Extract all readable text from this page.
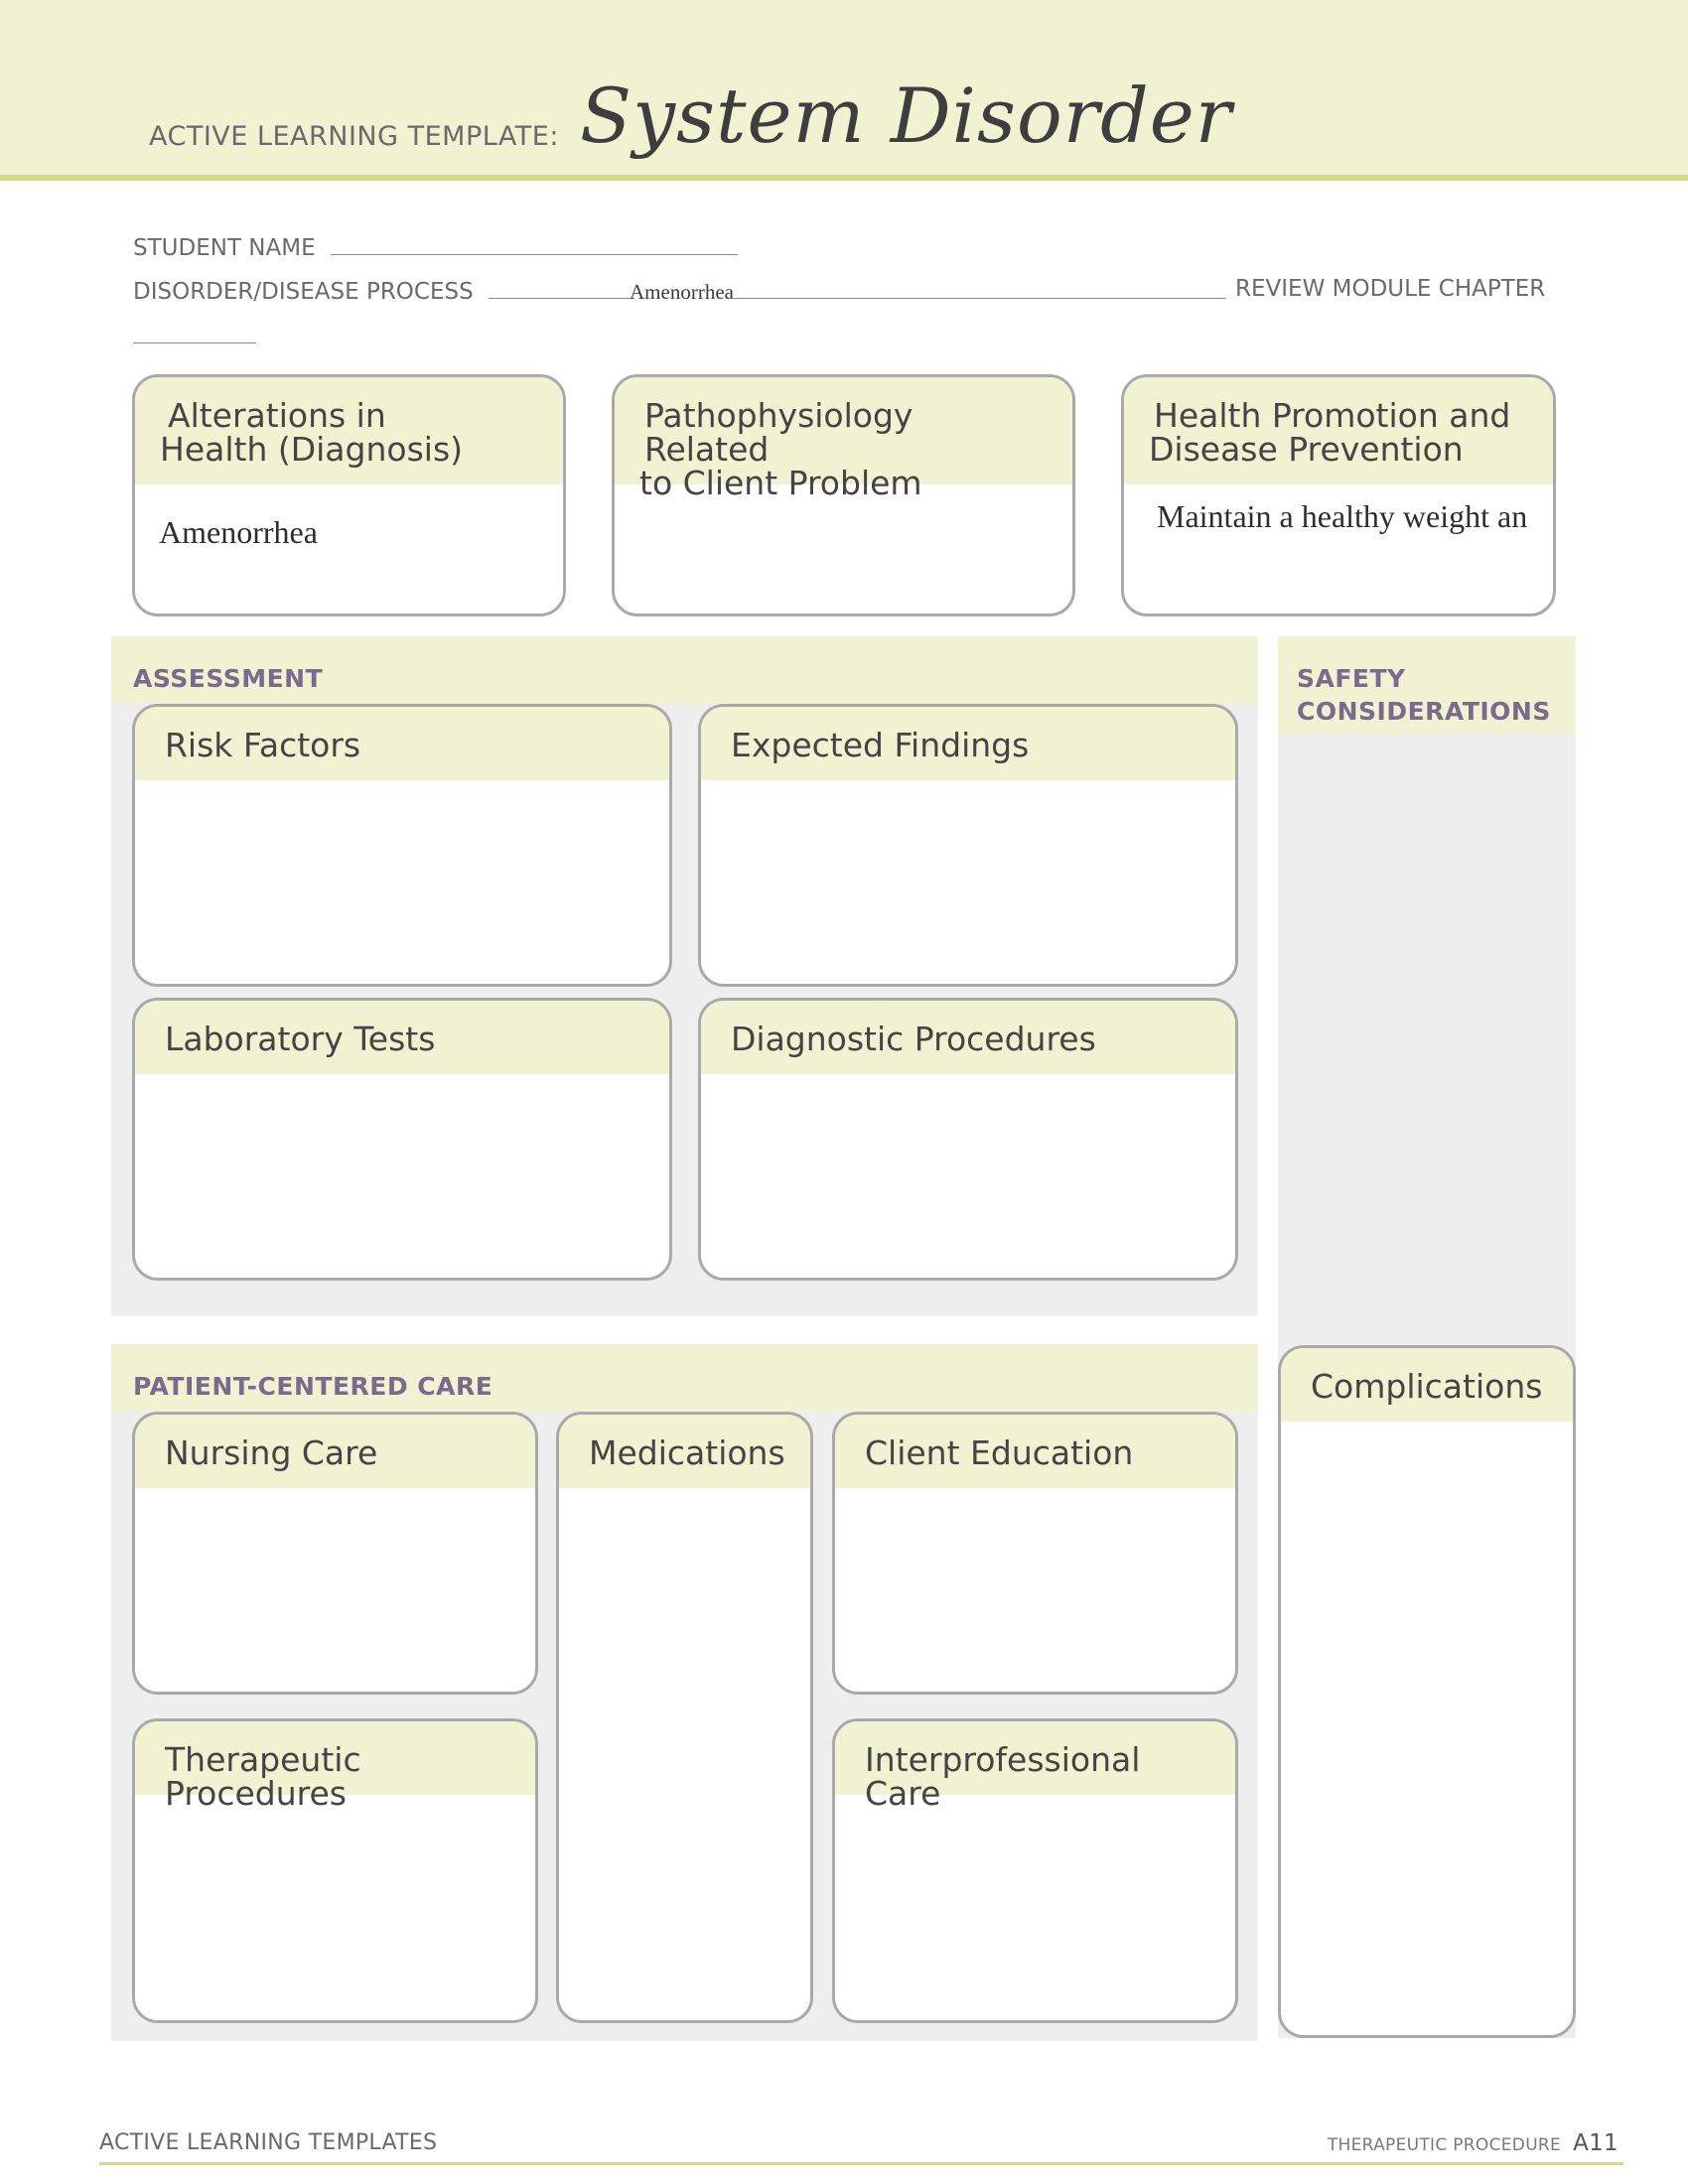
ACTIVE LEARNING TEMPLATE: System Disorder
STUDENT NAME
DISORDER/DISEASE PROCESS	Amenorrhea	REVIEW MODULE CHAPTER
Alterations in
Health (Diagnosis)
Amenorrhea
Pathophysiology Related
to Client Problem
Health Promotion and
Disease Prevention
Maintain a healthy weight an
ASSESSMENT
Risk Factors	Expected Findings
Laboratory Tests	Diagnostic Procedures
SAFETY
CONSIDERATIONS
Complications
PATIENT-CENTERED CARE
Nursing Care	Medications	Client Education
Therapeutic Procedures
Interprofessional Care
ACTIVE LEARNING TEMPLATES	THERAPEUTIC PROCEDURE A11
